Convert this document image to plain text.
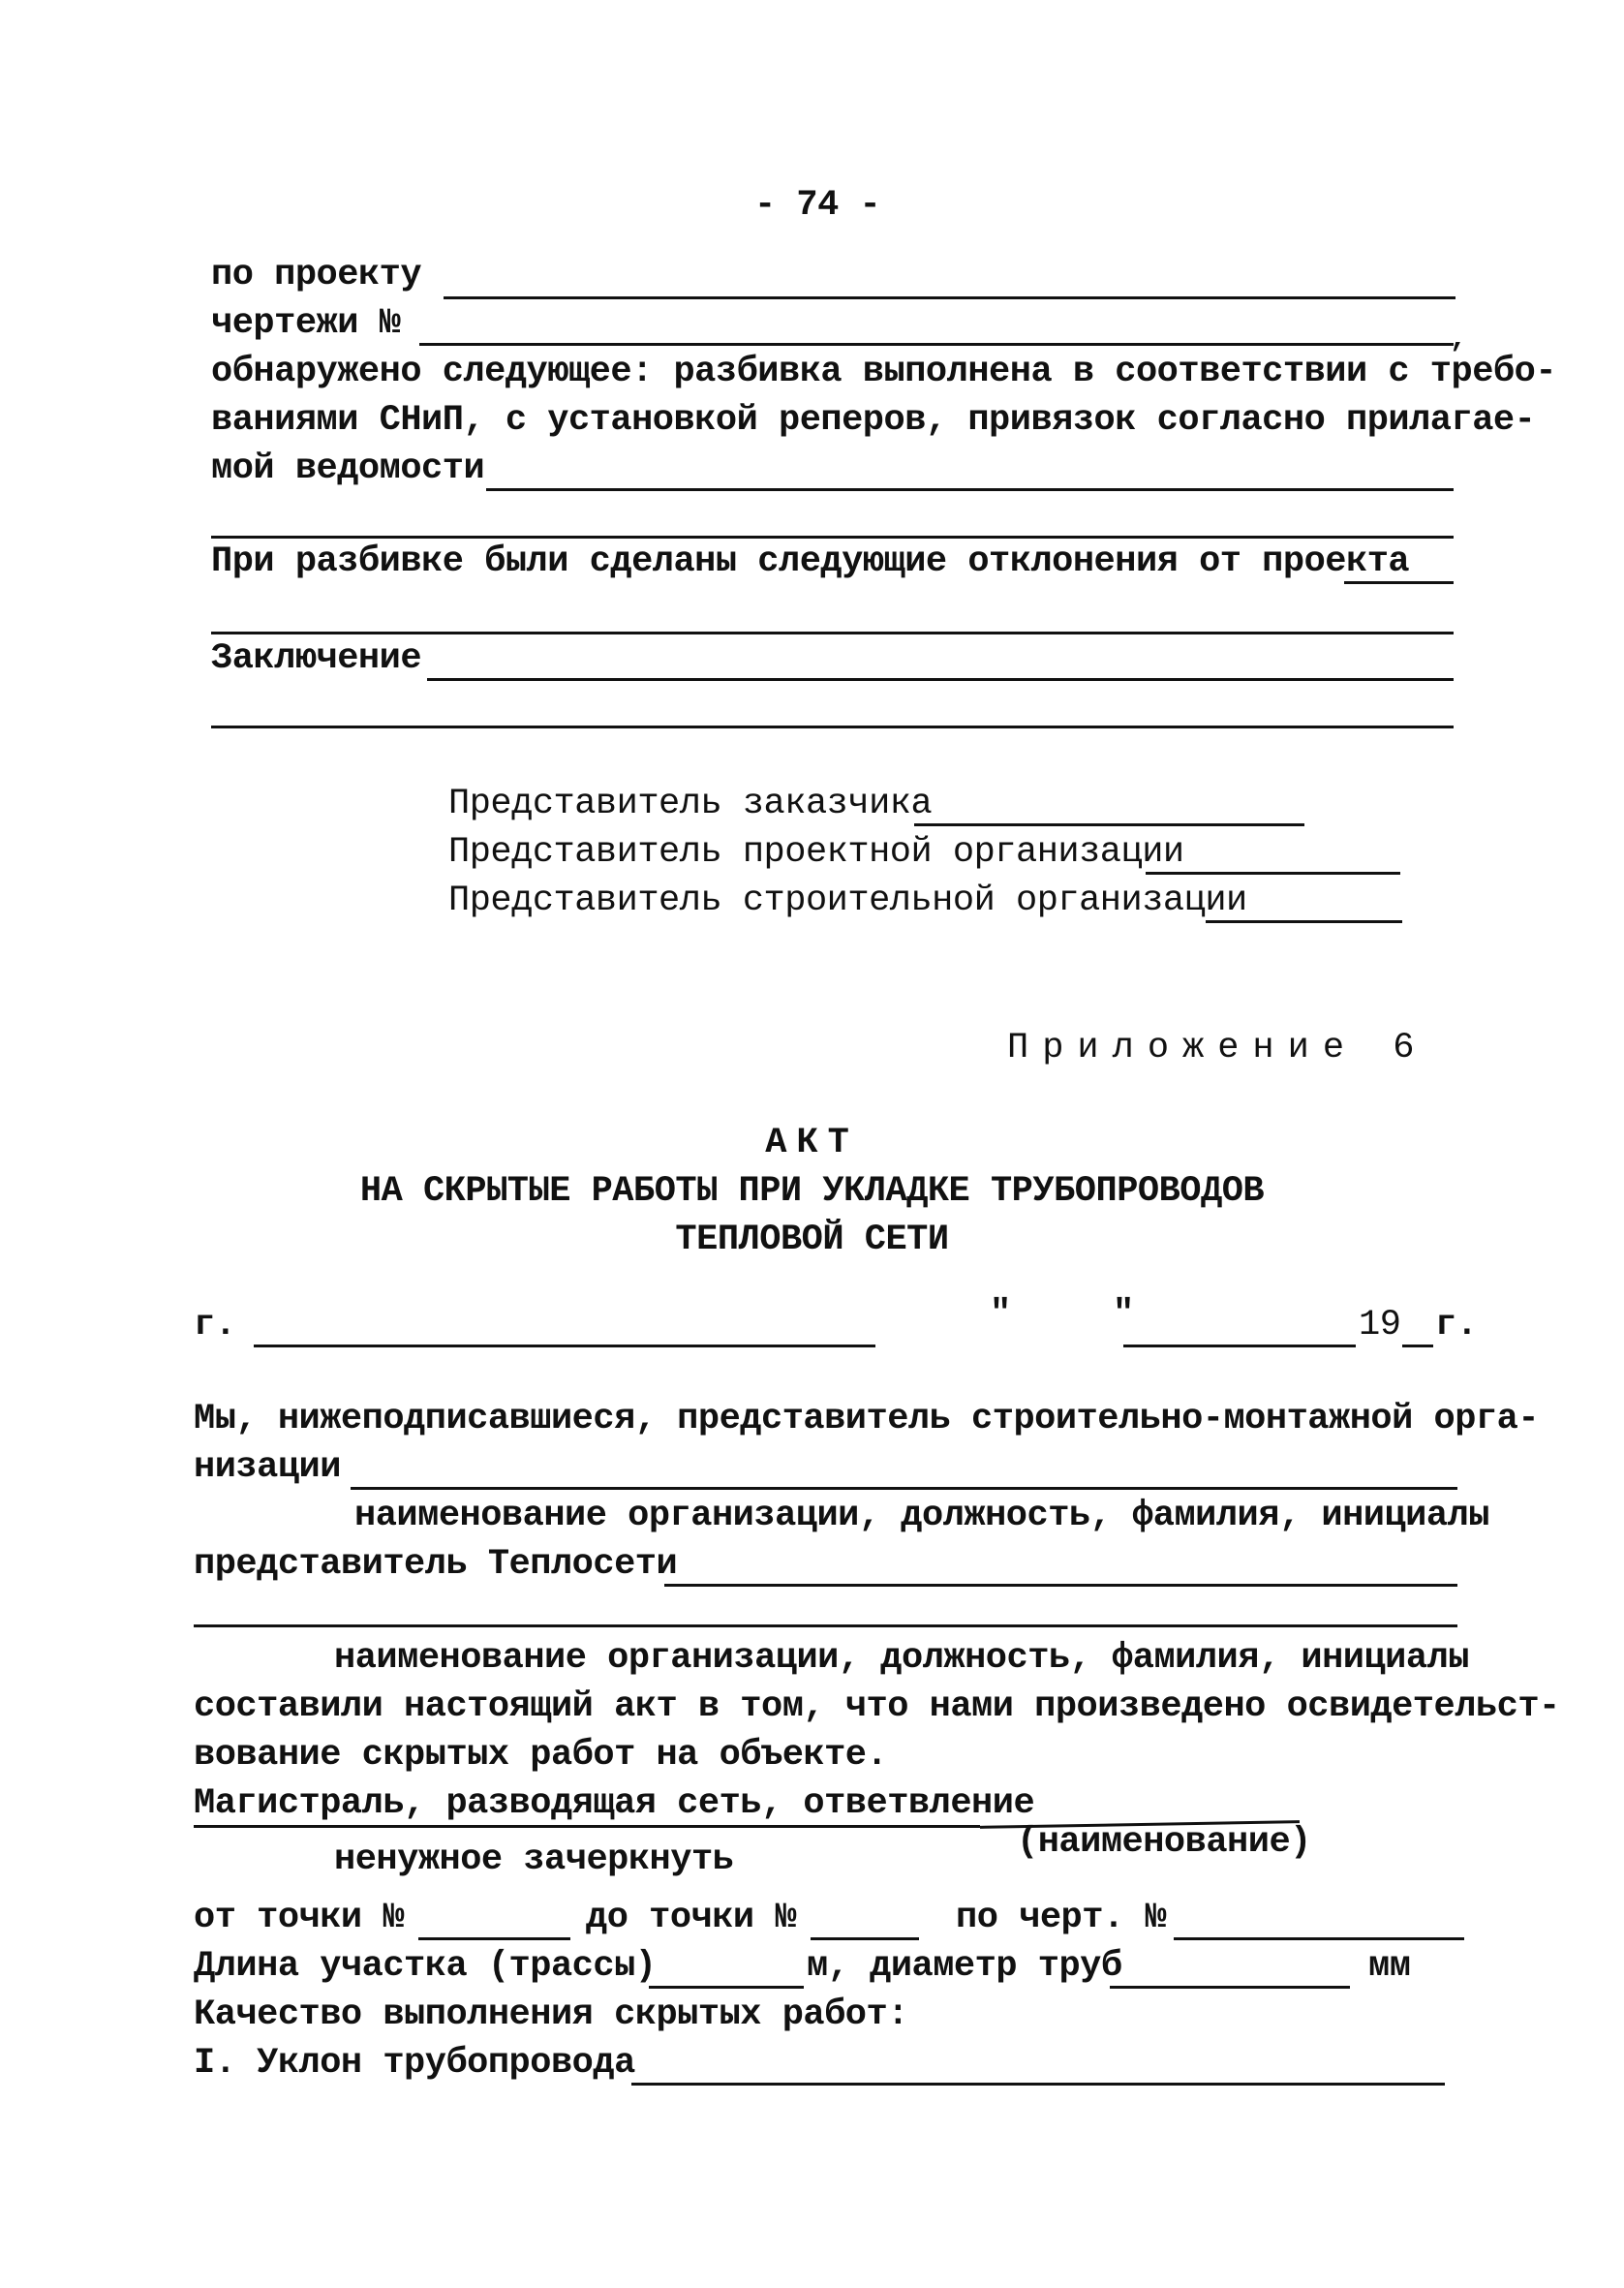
- 74 -
по проекту
чертежи №	,
обнаружено следующее: разбивка выполнена в соответствии с требо-
ваниями СНиП, с установкой реперов, привязок согласно прилагае-
мой ведомости
При разбивке были сделаны следующие отклонения от проекта
Заключение
Представитель заказчика
Представитель проектной организации
Представитель строительной организации
Приложение 6
АКТ
НА СКРЫТЫЕ РАБОТЫ ПРИ УКЛАДКЕ ТРУБОПРОВОДОВ
ТЕПЛОВОЙ СЕТИ
г.	"	"	19 г.
Мы, нижеподписавшиеся, представитель строительно-монтажной орга-
низации
наименование организации, должность, фамилия, инициалы
представитель Теплосети
наименование организации, должность, фамилия, инициалы
составили настоящий акт в том, что нами произведено освидетельст-
вование скрытых работ на объекте.
Магистраль, разводящая сеть, ответвление
(наименование)
ненужное зачеркнуть
от точки №	до точки №	по черт. №
Длина участка (трассы)	м, диаметр труб	мм
Качество выполнения скрытых работ:
I. Уклон трубопровода
